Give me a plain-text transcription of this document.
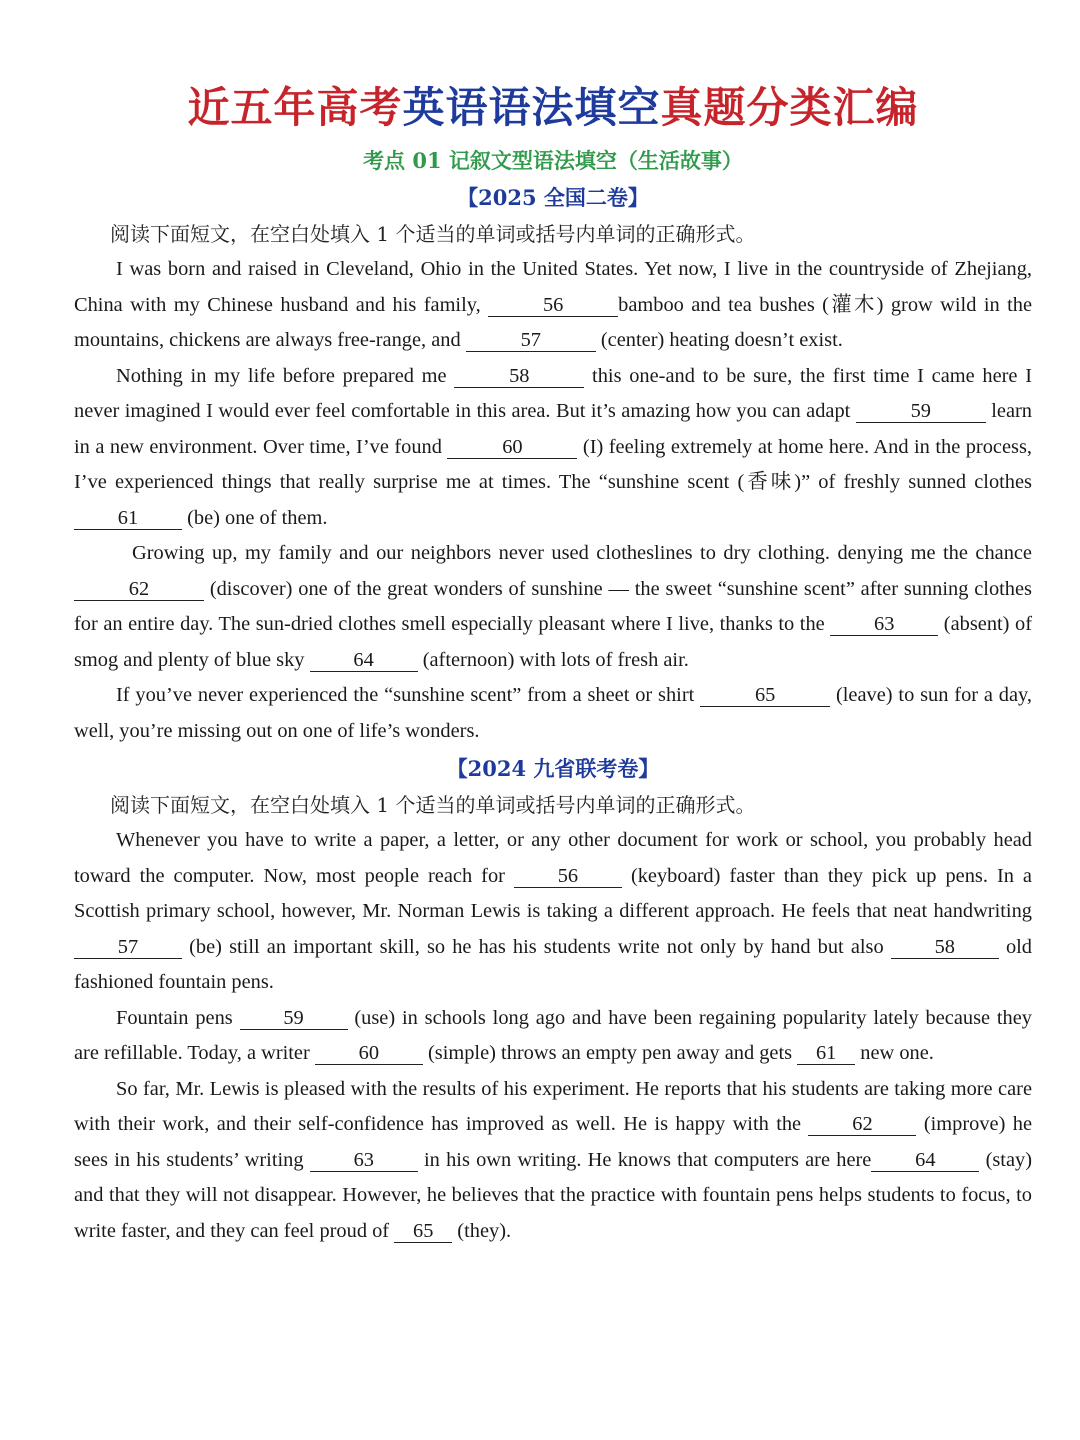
近五年高考英语语法填空真题分类汇编
考点 01 记叙文型语法填空（生活故事）
【2025 全国二卷】

阅读下面短文，在空白处填入 1 个适当的单词或括号内单词的正确形式。

I was born and raised in Cleveland, Ohio in the United States. Yet now, I live in the countryside of Zhejiang, China with my Chinese husband and his family,	56	bamboo and tea bushes (灌木) grow wild in the mountains, chickens are always free-range, and	57	(center) heating doesn’t exist.

Nothing in my life before prepared me	58	this one-and to be sure, the first time I came here I never imagined I would ever feel comfortable in this area. But it’s amazing how you can adapt	59	learn in a new environment. Over time, I’ve found	60	(I) feeling extremely at home here. And in the process, I’ve experienced things that really surprise me at times. The “sunshine scent (香味)” of freshly sunned clothes 61 (be) one of them.

Growing up, my family and our neighbors never used clotheslines to dry clothing. denying me the chance 62	(discover) one of the great wonders of sunshine — the sweet “sunshine scent” after sunning clothes for an entire day. The sun-dried clothes smell especially pleasant where I live, thanks to the 63 (absent) of smog and plenty of blue sky 64 (afternoon) with lots of fresh air.

If you’ve never experienced the “sunshine scent” from a sheet or shirt	65	(leave) to sun for a day, well, you’re missing out on one of life’s wonders.

【2024 九省联考卷】

阅读下面短文，在空白处填入 1 个适当的单词或括号内单词的正确形式。

Whenever you have to write a paper, a letter, or any other document for work or school, you probably head toward the computer. Now, most people reach for 56 (keyboard) faster than they pick up pens. In a Scottish primary school, however, Mr. Norman Lewis is taking a different approach. He feels that neat handwriting 57 (be) still an important skill, so he has his students write not only by hand but also 58 old fashioned fountain pens.

Fountain pens 59 (use) in schools long ago and have been regaining popularity lately because they are refillable. Today, a writer 60 (simple) throws an empty pen away and gets 61 new one.

So far, Mr. Lewis is pleased with the results of his experiment. He reports that his students are taking more care with their work, and their self-confidence has improved as well. He is happy with the 62 (improve) he sees in his students’ writing 63 in his own writing. He knows that computers are here 64 (stay) and that they will not disappear. However, he believes that the practice with fountain pens helps students to focus, to write faster, and they can feel proud of 65 (they).
